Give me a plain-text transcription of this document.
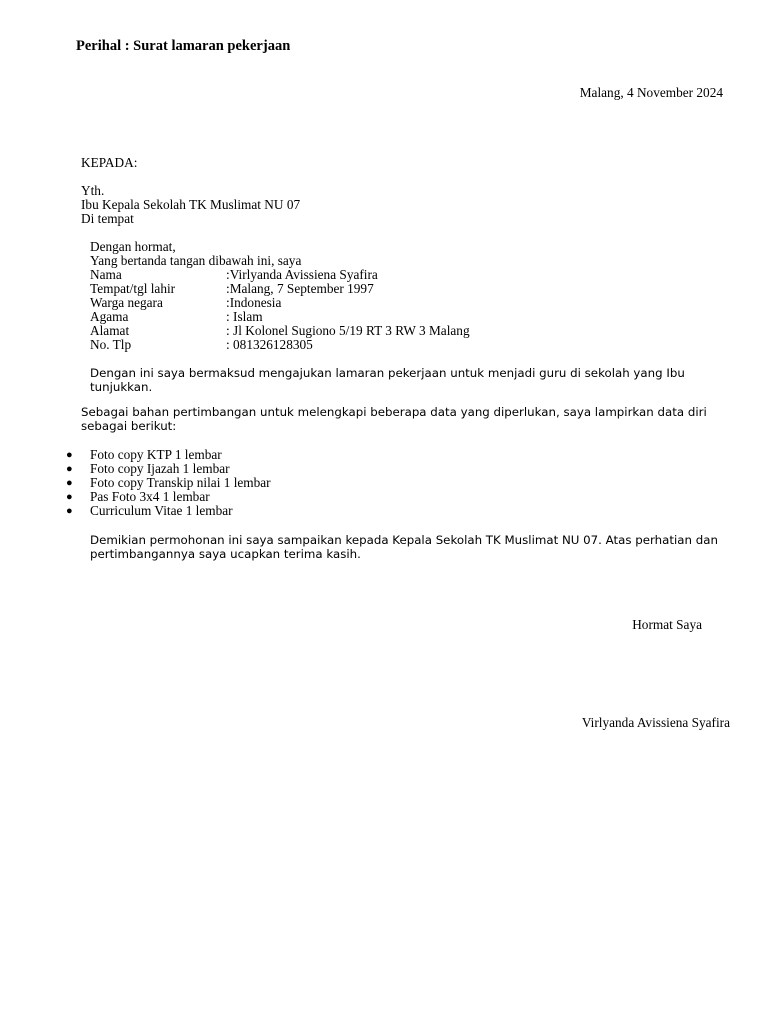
Perihal : Surat lamaran pekerjaan
Malang, 4 November 2024
KEPADA:
Yth.
Ibu Kepala Sekolah TK Muslimat NU 07
Di tempat
Dengan hormat,
Yang bertanda tangan dibawah ini, saya
Nama	:Virlyanda Avissiena Syafira
Tempat/tgl lahir	:Malang, 7 September 1997
Warga negara	:Indonesia
Agama	: Islam
Alamat	: Jl Kolonel Sugiono 5/19 RT 3 RW 3 Malang
No. Tlp	: 081326128305
Dengan ini saya bermaksud mengajukan lamaran pekerjaan untuk menjadi guru di sekolah yang Ibu tunjukkan.
Sebagai bahan pertimbangan untuk melengkapi beberapa data yang diperlukan, saya lampirkan data diri sebagai berikut:
●	Foto copy KTP 1 lembar
●	Foto copy Ijazah 1 lembar
●	Foto copy Transkip nilai 1 lembar
●	Pas Foto 3x4 1 lembar
●	Curriculum Vitae 1 lembar
Demikian permohonan ini saya sampaikan kepada Kepala Sekolah TK Muslimat NU 07. Atas perhatian dan pertimbangannya saya ucapkan terima kasih.
Hormat Saya
Virlyanda Avissiena Syafira
